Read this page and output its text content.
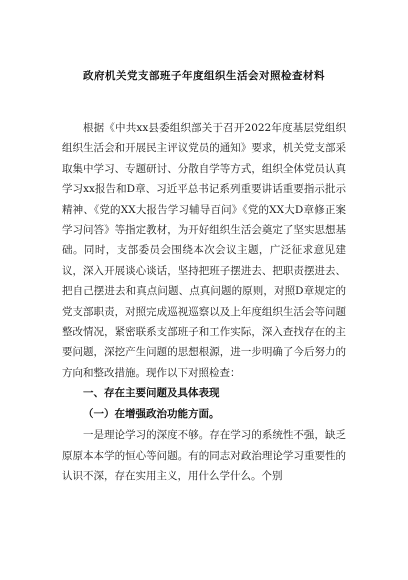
政府机关党支部班子年度组织生活会对照检查材料

根据《中共xx县委组织部关于召开2022年度基层党组织组织生活会和开展民主评议党员的通知》要求，机关党支部采取集中学习、专题研讨、分散自学等方式，组织全体党员认真学习xx报告和D章、习近平总书记系列重要讲话重要指示批示精神、《党的XX大报告学习辅导百问》《党的XX大D章修正案学习问答》等指定教材，为开好组织生活会奠定了坚实思想基础。同时，支部委员会围绕本次会议主题，广泛征求意见建议，深入开展谈心谈话，坚持把班子摆进去、把职责摆进去、把自己摆进去和真点问题、点真问题的原则，对照D章规定的党支部职责，对照完成巡视巡察以及上年度组织生活会等问题整改情况，紧密联系支部班子和工作实际，深入查找存在的主要问题，深挖产生问题的思想根源，进一步明确了今后努力的方向和整改措施。现作以下对照检查：

一、存在主要问题及具体表现
（一）在增强政治功能方面。

一是理论学习的深度不够。存在学习的系统性不强，缺乏原原本本学的恒心等问题。有的同志对政治理论学习重要性的认识不深，存在实用主义，用什么学什么。个别
